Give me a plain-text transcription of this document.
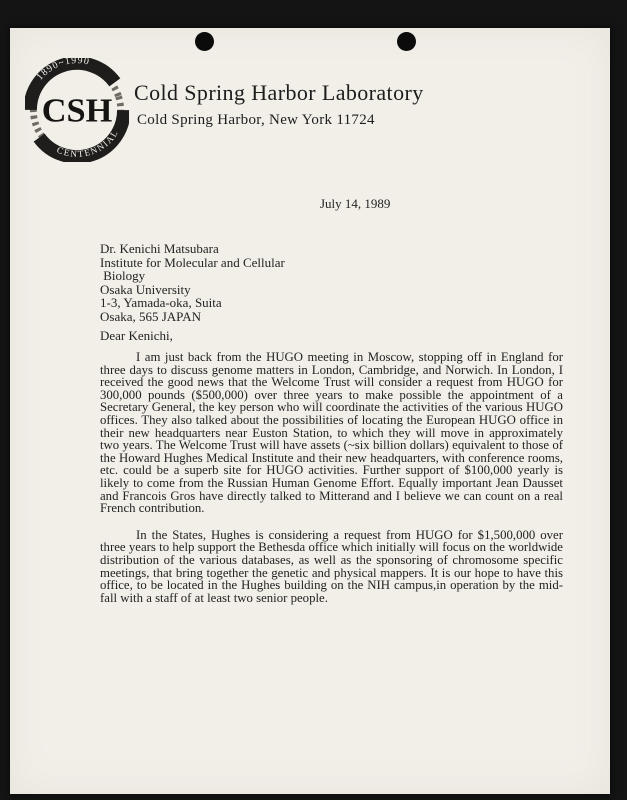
1890~1990
CENTENNIAL
CSH Cold Spring Harbor Laboratory
Cold Spring Harbor, New York 11724
July 14, 1989
Dr. Kenichi Matsubara
Institute for Molecular and Cellular
Biology
Osaka University
1-3, Yamada-oka, Suita
Osaka, 565 JAPAN
Dear Kenichi,

I am just back from the HUGO meeting in Moscow, stopping off in England for three days to discuss genome matters in London, Cambridge, and Norwich. In London, I received the good news that the Welcome Trust will consider a request from HUGO for 300,000 pounds ($500,000) over three years to make possible the appointment of a Secretary General, the key person who will coordinate the activities of the various HUGO offices. They also talked about the possibilities of locating the European HUGO office in their new headquarters near Euston Station, to which they will move in approximately two years. The Welcome Trust will have assets (~six billion dollars) equivalent to those of the Howard Hughes Medical Institute and their new headquarters, with conference rooms, etc. could be a superb site for HUGO activities. Further support of $100,000 yearly is likely to come from the Russian Human Genome Effort. Equally important Jean Dausset and Francois Gros have directly talked to Mitterand and I believe we can count on a real French contribution.

In the States, Hughes is considering a request from HUGO for $1,500,000 over three years to help support the Bethesda office which initially will focus on the worldwide distribution of the various databases, as well as the sponsoring of chromosome specific meetings, that bring together the genetic and physical mappers. It is our hope to have this office, to be located in the Hughes building on the NIH campus,in operation by the mid-fall with a staff of at least two senior people.
